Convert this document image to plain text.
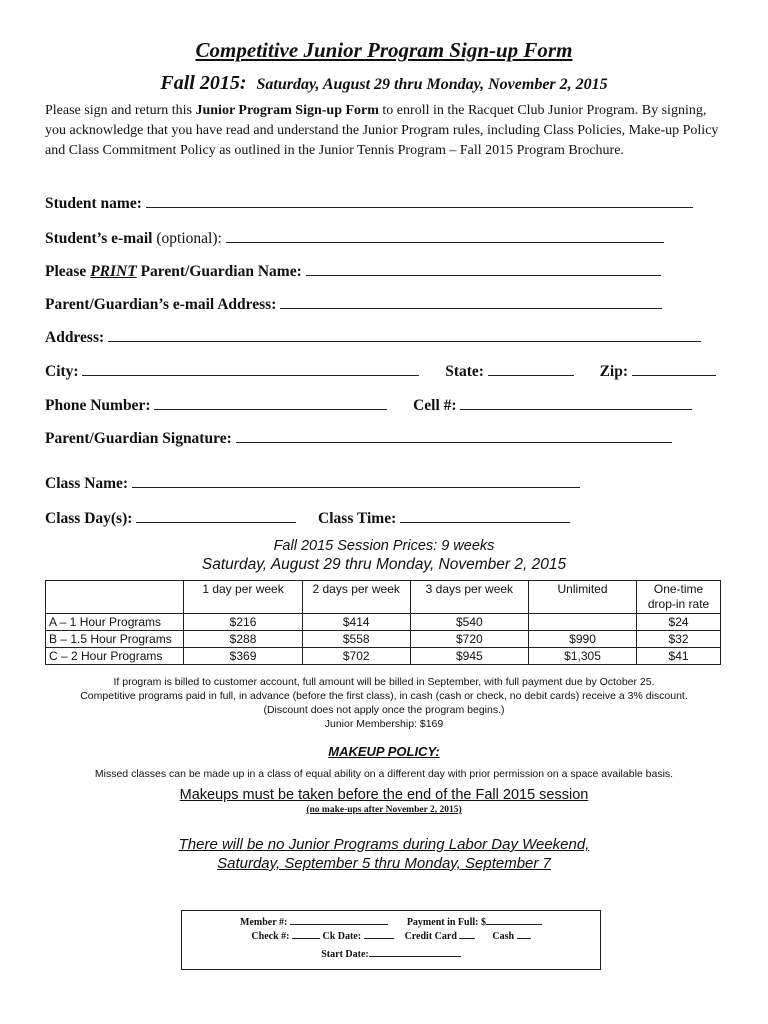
Competitive Junior Program Sign-up Form
Fall 2015: Saturday, August 29 thru Monday, November 2, 2015
Please sign and return this Junior Program Sign-up Form to enroll in the Racquet Club Junior Program. By signing, you acknowledge that you have read and understand the Junior Program rules, including Class Policies, Make-up Policy and Class Commitment Policy as outlined in the Junior Tennis Program – Fall 2015 Program Brochure.
Student name:
Student’s e-mail (optional):
Please PRINT Parent/Guardian Name:
Parent/Guardian’s e-mail Address:
Address:
City:	State:	Zip:
Phone Number:	Cell #:
Parent/Guardian Signature:
Class Name:
Class Day(s):	Class Time:
Fall 2015 Session Prices: 9 weeks
Saturday, August 29 thru Monday, November 2, 2015
	1 day per week	2 days per week	3 days per week	Unlimited	One-time drop-in rate
A – 1 Hour Programs	$216	$414	$540		$24
B – 1.5 Hour Programs	$288	$558	$720	$990	$32
C – 2 Hour Programs	$369	$702	$945	$1,305	$41
If program is billed to customer account, full amount will be billed in September, with full payment due by October 25.
Competitive programs paid in full, in advance (before the first class), in cash (cash or check, no debit cards) receive a 3% discount.
(Discount does not apply once the program begins.)
Junior Membership: $169
MAKEUP POLICY:
Missed classes can be made up in a class of equal ability on a different day with prior permission on a space available basis.
Makeups must be taken before the end of the Fall 2015 session
(no make-ups after November 2, 2015)
There will be no Junior Programs during Labor Day Weekend,
Saturday, September 5 thru Monday, September 7
Member #:	Payment in Full: $
Check #:	Ck Date:	Credit Card	Cash
Start Date:
